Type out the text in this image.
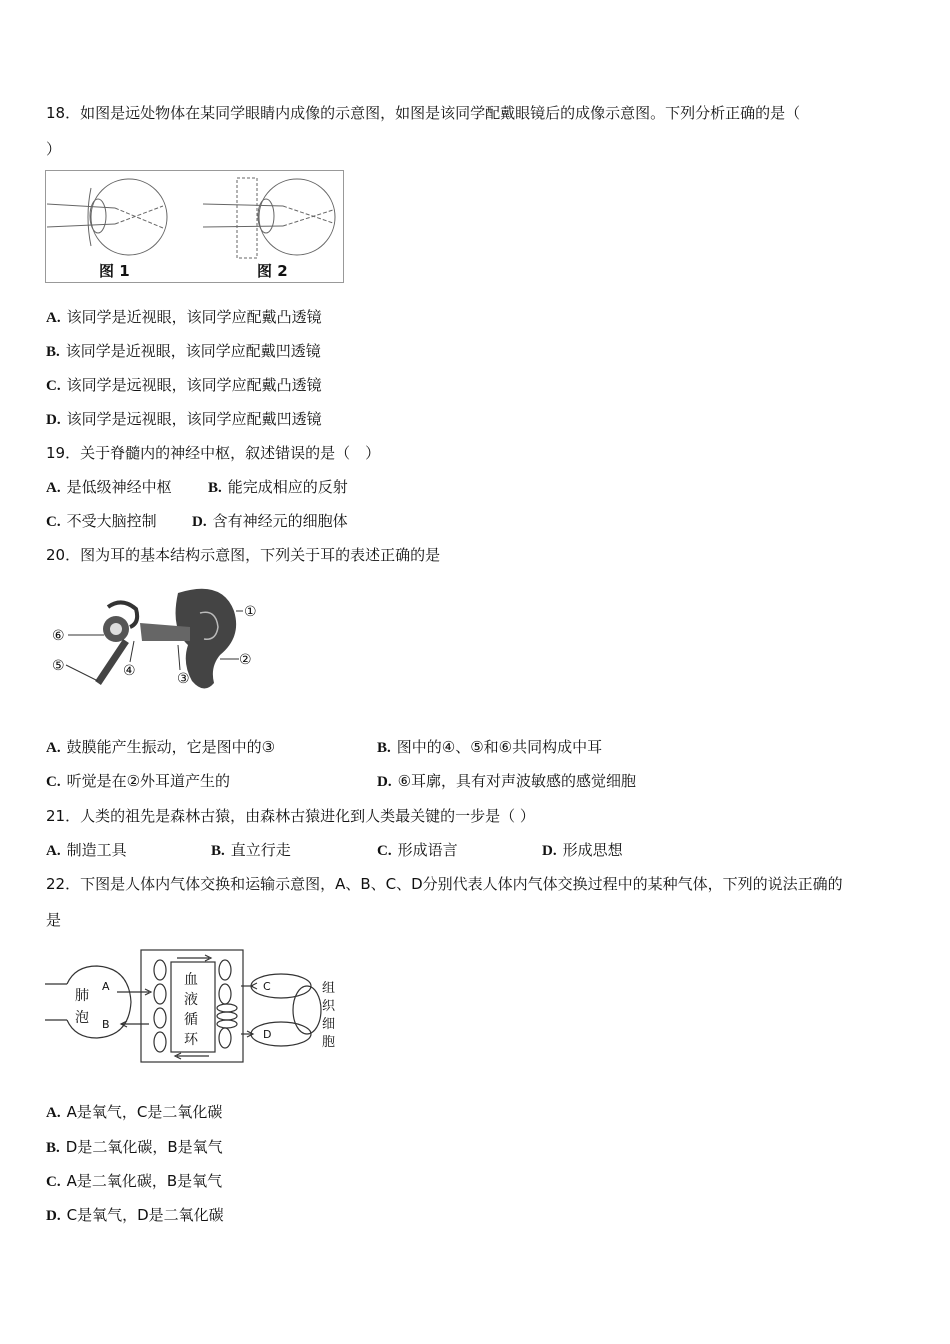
18．如图是远处物体在某同学眼睛内成像的示意图，如图是该同学配戴眼镜后的成像示意图。下列分析正确的是（
）
图 1	图 2
A. 该同学是近视眼，该同学应配戴凸透镜
B. 该同学是近视眼，该同学应配戴凹透镜
C. 该同学是远视眼，该同学应配戴凸透镜
D. 该同学是远视眼，该同学应配戴凹透镜
19．关于脊髓内的神经中枢，叙述错误的是（　）
A. 是低级神经中枢 B. 能完成相应的反射
C. 不受大脑控制 D. 含有神经元的细胞体
20．图为耳的基本结构示意图，下列关于耳的表述正确的是
①
②
③
④
⑤
⑥
A. 鼓膜能产生振动，它是图中的③	B. 图中的④、⑤和⑥共同构成中耳
C. 听觉是在②外耳道产生的	D. ⑥耳廓，具有对声波敏感的感觉细胞
21．人类的祖先是森林古猿，由森林古猿进化到人类最关键的一步是（ ）
A. 制造工具	B. 直立行走	C. 形成语言	D. 形成思想
22．下图是人体内气体交换和运输示意图，A、B、C、D分别代表人体内气体交换过程中的某种气体，下列的说法正确的
是
肺
泡
A
B
血
液
循
环
C
D
组
织
细
胞
A. A是氧气，C是二氧化碳
B. D是二氧化碳，B是氧气
C. A是二氧化碳，B是氧气
D. C是氧气，D是二氧化碳
